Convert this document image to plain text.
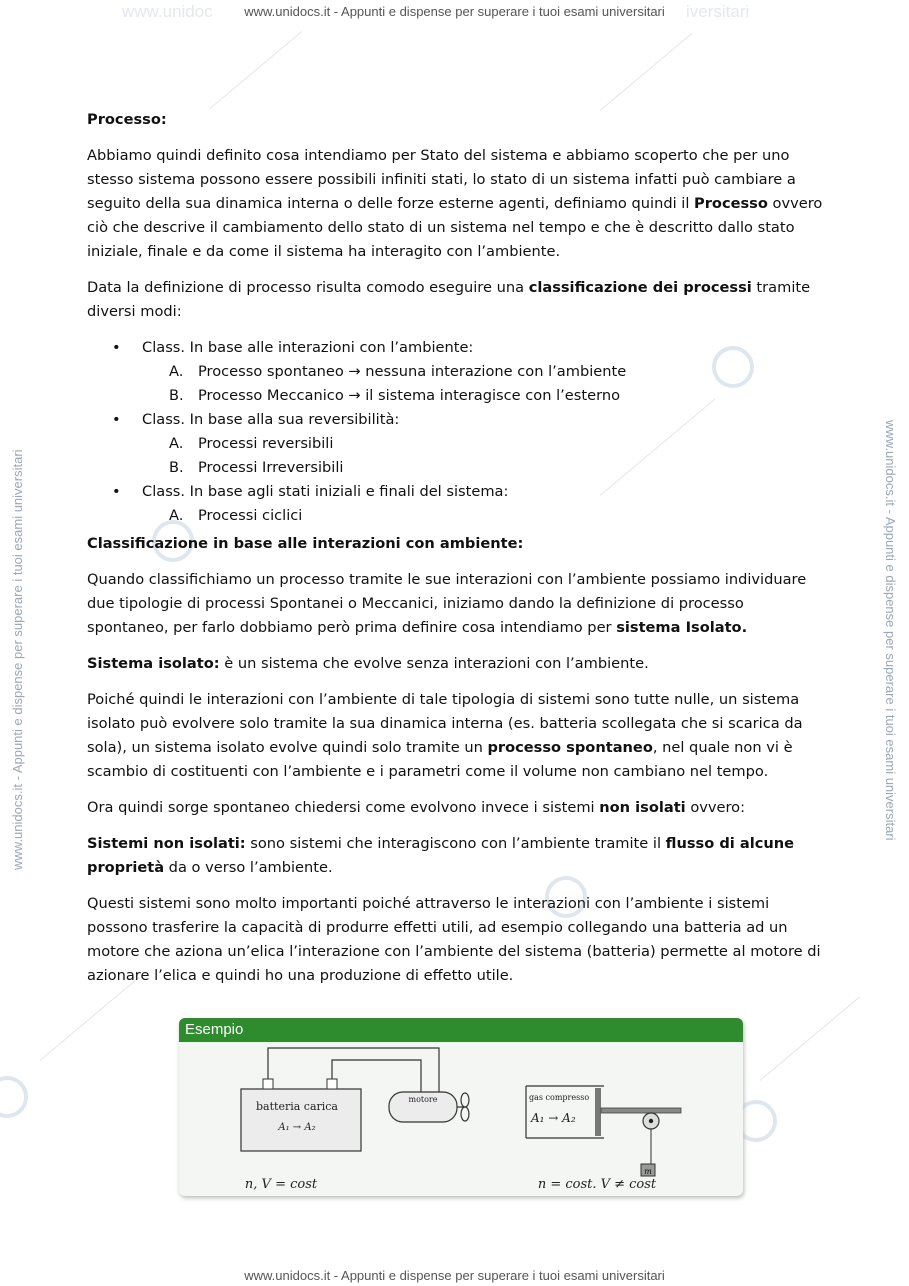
www.unidoc	iversitari
www.unidocs.it - Appunti e dispense per superare i tuoi esami universitari
www.unidocs.it - Appunti e dispense per superare i tuoi esami universitari
www.unidocs.it - Appunti e dispense per superare i tuoi esami universitari	www.unidocs.it - Appunti e dispense per superare i tuoi esami universitari
Processo:

Abbiamo quindi definito cosa intendiamo per Stato del sistema e abbiamo scoperto che per uno stesso sistema possono essere possibili infiniti stati, lo stato di un sistema infatti può cambiare a seguito della sua dinamica interna o delle forze esterne agenti, definiamo quindi il Processo ovvero ciò che descrive il cambiamento dello stato di un sistema nel tempo e che è descritto dallo stato iniziale, finale e da come il sistema ha interagito con l’ambiente.

Data la definizione di processo risulta comodo eseguire una classificazione dei processi tramite diversi modi:

• Class. In base alle interazioni con l’ambiente:
A. Processo spontaneo → nessuna interazione con l’ambiente
B. Processo Meccanico → il sistema interagisce con l’esterno
• Class. In base alla sua reversibilità:
A. Processi reversibili
B. Processi Irreversibili
• Class. In base agli stati iniziali e finali del sistema:
A. Processi ciclici
Classificazione in base alle interazioni con ambiente:

Quando classifichiamo un processo tramite le sue interazioni con l’ambiente possiamo individuare due tipologie di processi Spontanei o Meccanici, iniziamo dando la definizione di processo spontaneo, per farlo dobbiamo però prima definire cosa intendiamo per sistema Isolato.

Sistema isolato: è un sistema che evolve senza interazioni con l’ambiente.

Poiché quindi le interazioni con l’ambiente di tale tipologia di sistemi sono tutte nulle, un sistema isolato può evolvere solo tramite la sua dinamica interna (es. batteria scollegata che si scarica da sola), un sistema isolato evolve quindi solo tramite un processo spontaneo, nel quale non vi è scambio di costituenti con l’ambiente e i parametri come il volume non cambiano nel tempo.

Ora quindi sorge spontaneo chiedersi come evolvono invece i sistemi non isolati ovvero:

Sistemi non isolati: sono sistemi che interagiscono con l’ambiente tramite il flusso di alcune proprietà da o verso l’ambiente.

Questi sistemi sono molto importanti poiché attraverso le interazioni con l’ambiente i sistemi possono trasferire la capacità di produrre effetti utili, ad esempio collegando una batteria ad un motore che aziona un’elica l’interazione con l’ambiente del sistema (batteria) permette al motore di azionare l’elica e quindi ho una produzione di effetto utile.

Esempio
batteria carica
A₁ → A₂
motore
n, V = cost
gas compresso
A₁ → A₂
m
n = cost. V ≠ cost
